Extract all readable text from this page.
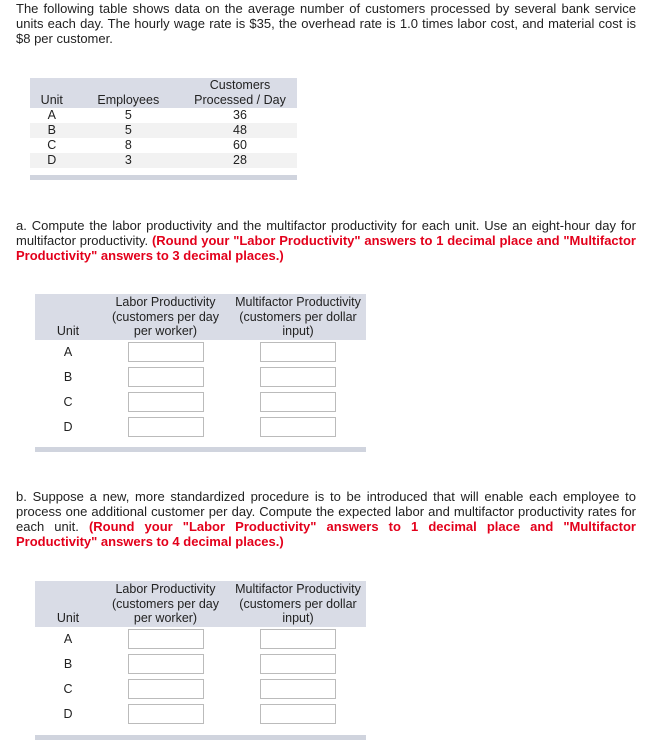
The following table shows data on the average number of customers processed by several bank service units each day. The hourly wage rate is $35, the overhead rate is 1.0 times labor cost, and material cost is $8 per customer.
Unit	Employees	Customers Processed / Day
A	5	36
B	5	48
C	8	60
D	3	28
a. Compute the labor productivity and the multifactor productivity for each unit. Use an eight-hour day for multifactor productivity. (Round your "Labor Productivity" answers to 1 decimal place and "Multifactor Productivity" answers to 3 decimal places.)
Unit	Labor Productivity (customers per day per worker)	Multifactor Productivity (customers per dollar input)
A		
B		
C		
D		
b. Suppose a new, more standardized procedure is to be introduced that will enable each employee to process one additional customer per day. Compute the expected labor and multifactor productivity rates for each unit. (Round your "Labor Productivity" answers to 1 decimal place and "Multifactor Productivity" answers to 4 decimal places.)
Unit	Labor Productivity (customers per day per worker)	Multifactor Productivity (customers per dollar input)
A		
B		
C		
D		
